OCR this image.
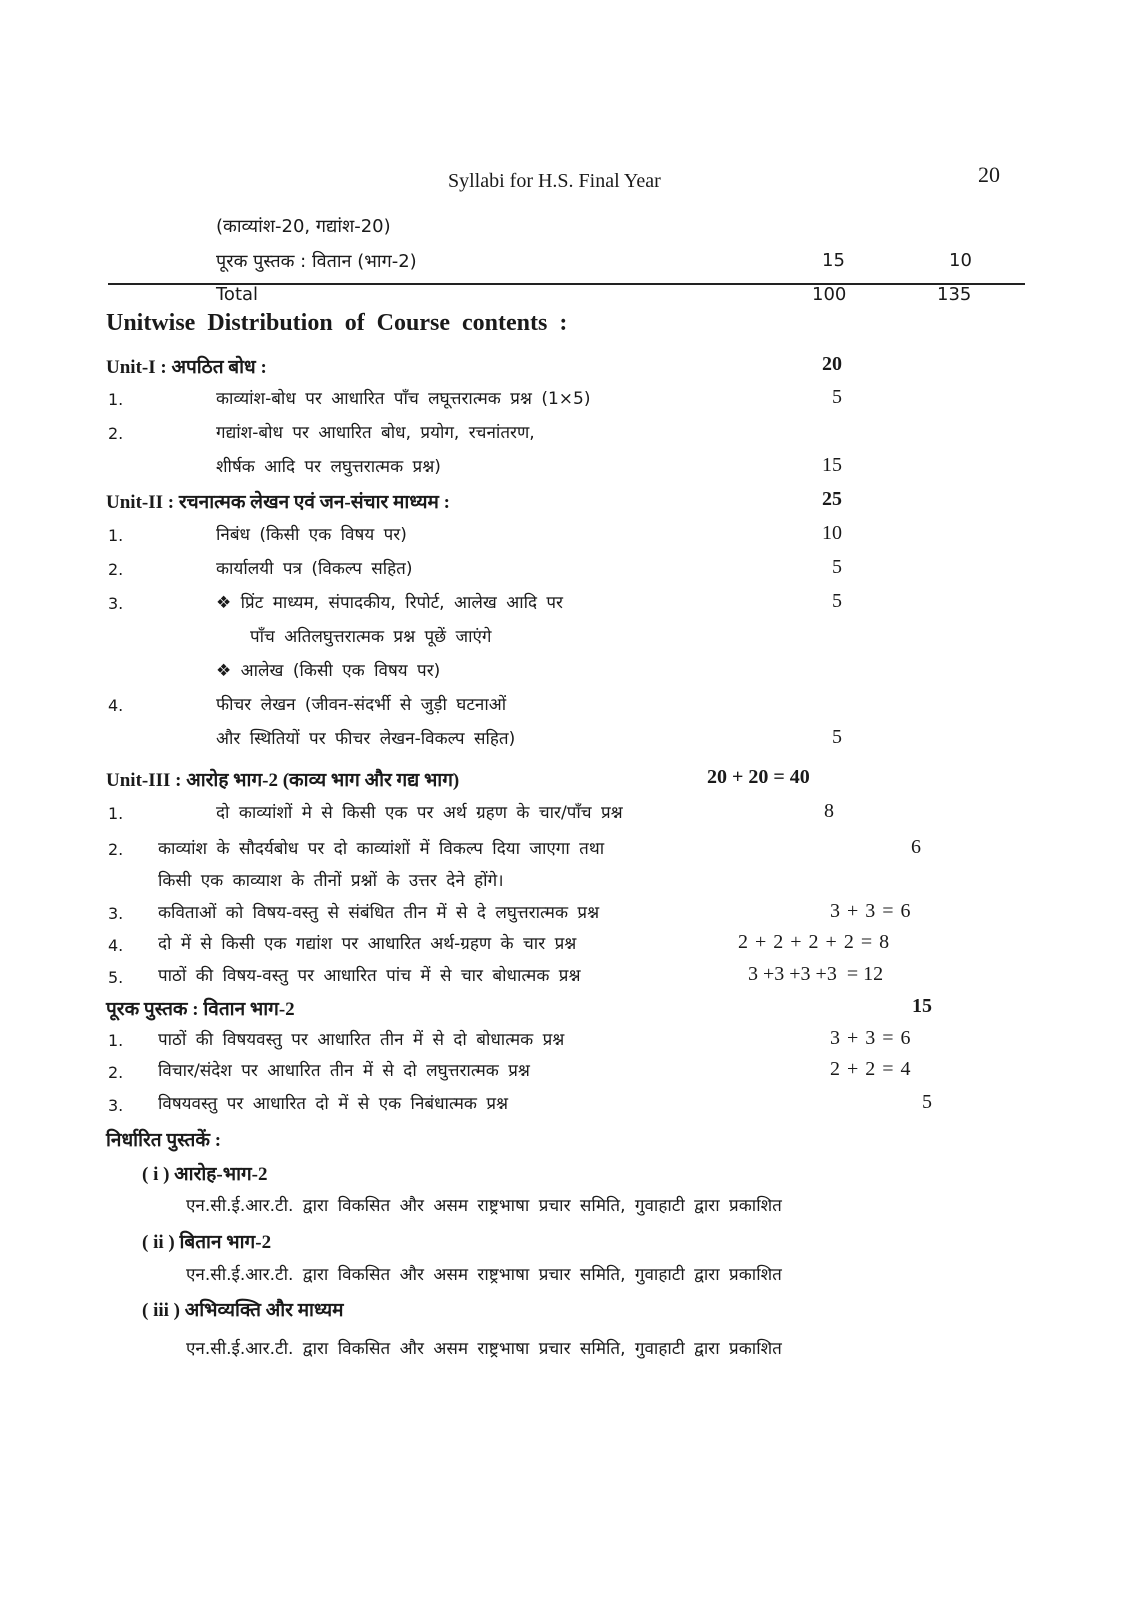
Syllabi for H.S. Final Year	20
(काव्यांश-20, गद्यांश-20)
पूरक पुस्तक : वितान (भाग-2)	15	10
Total	100	135
Unitwise Distribution of Course contents :
Unit-I : अपठित बोध :	20
1.	काव्यांश-बोध पर आधारित पाँच लघूत्तरात्मक प्रश्न (1×5)	5
2.	गद्यांश-बोध पर आधारित बोध, प्रयोग, रचनांतरण,
शीर्षक आदि पर लघुत्तरात्मक प्रश्न)	15
Unit-II : रचनात्मक लेखन एवं जन-संचार माध्यम :	25
1.	निबंध (किसी एक विषय पर)	10
2.	कार्यालयी पत्र (विकल्प सहित)	5
3.	❖ प्रिंट माध्यम, संपादकीय, रिपोर्ट, आलेख आदि पर	5
पाँच अतिलघुत्तरात्मक प्रश्न पूछें जाएंगे
❖ आलेख (किसी एक विषय पर)
4.	फीचर लेखन (जीवन-संदर्भी से जुड़ी घटनाओं
और स्थितियों पर फीचर लेखन-विकल्प सहित)	5
Unit-III : आरोह भाग-2 (काव्य भाग और गद्य भाग)	20 + 20 = 40
1.	दो काव्यांशों मे से किसी एक पर अर्थ ग्रहण के चार/पाँच प्रश्न	8
2. काव्यांश के सौदर्यबोध पर दो काव्यांशों में विकल्प दिया जाएगा तथा	6
किसी एक काव्याश के तीनों प्रश्नों के उत्तर देने होंगे।
3. कविताओं को विषय-वस्तु से संबंधित तीन में से दे लघुत्तरात्मक प्रश्न	3 + 3 = 6
4. दो में से किसी एक गद्यांश पर आधारित अर्थ-ग्रहण के चार प्रश्न	2 + 2 + 2 + 2 = 8
5. पाठों की विषय-वस्तु पर आधारित पांच में से चार बोधात्मक प्रश्न	3 +3 +3 +3  = 12
पूरक पुस्तक : वितान भाग-2	15
1. पाठों की विषयवस्तु पर आधारित तीन में से दो बोधात्मक प्रश्न	3 + 3 = 6
2. विचार/संदेश पर आधारित तीन में से दो लघुत्तरात्मक प्रश्न	2 + 2 = 4
3. विषयवस्तु पर आधारित दो में से एक निबंधात्मक प्रश्न	5
निर्धारित पुस्तकें :
( i ) आरोह-भाग-2
एन.सी.ई.आर.टी. द्वारा विकसित और असम राष्ट्रभाषा प्रचार समिति, गुवाहाटी द्वारा प्रकाशित
( ii ) बितान भाग-2
एन.सी.ई.आर.टी. द्वारा विकसित और असम राष्ट्रभाषा प्रचार समिति, गुवाहाटी द्वारा प्रकाशित
( iii ) अभिव्यक्ति और माध्यम
एन.सी.ई.आर.टी. द्वारा विकसित और असम राष्ट्रभाषा प्रचार समिति, गुवाहाटी द्वारा प्रकाशित
